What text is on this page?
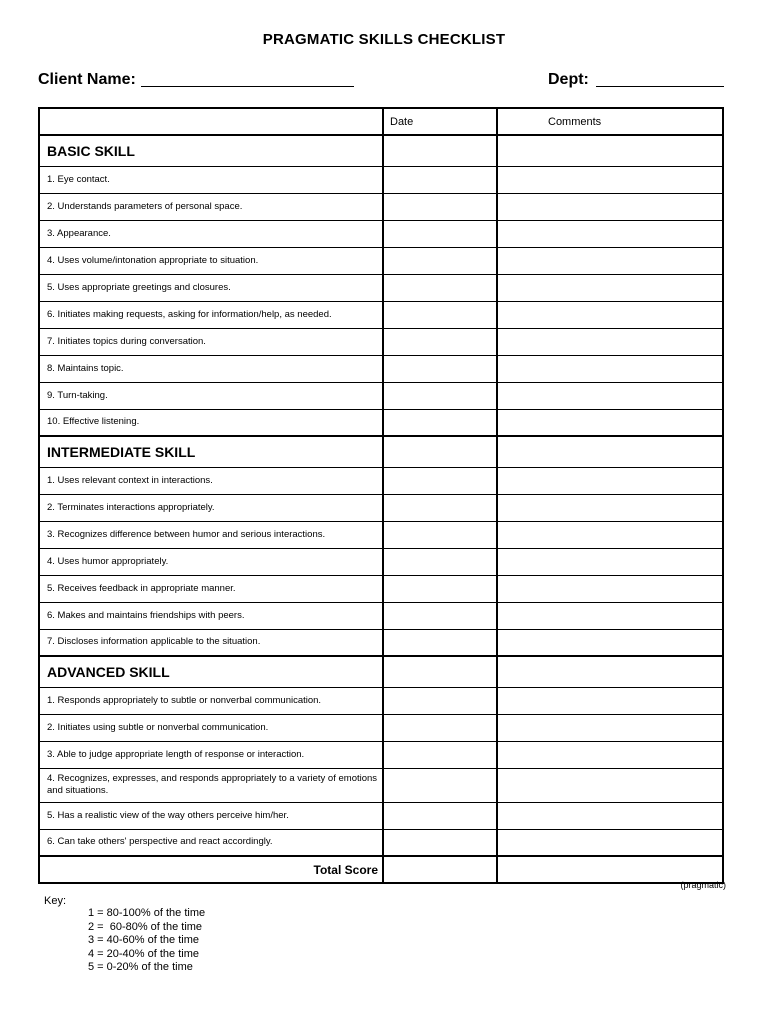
PRAGMATIC SKILLS CHECKLIST
Client Name:	Dept:
	Date	Comments
BASIC SKILL		
1. Eye contact.		
2. Understands parameters of personal space.		
3. Appearance.		
4. Uses volume/intonation appropriate to situation.		
5. Uses appropriate greetings and closures.		
6. Initiates making requests, asking for information/help, as needed.		
7. Initiates topics during conversation.		
8. Maintains topic.		
9. Turn-taking.		
10. Effective listening.		
INTERMEDIATE SKILL		
1. Uses relevant context in interactions.		
2. Terminates interactions appropriately.		
3. Recognizes difference between humor and serious interactions.		
4. Uses humor appropriately.		
5. Receives feedback in appropriate manner.		
6. Makes and maintains friendships with peers.		
7. Discloses information applicable to the situation.		
ADVANCED SKILL		
1. Responds appropriately to subtle or nonverbal communication.		
2. Initiates using subtle or nonverbal communication.		
3. Able to judge appropriate length of response or interaction.		
4. Recognizes, expresses, and responds appropriately to a variety of emotions and situations.		
5. Has a realistic view of the way others perceive him/her.		
6. Can take others' perspective and react accordingly.		
Total Score		
(pragmatic)
Key:
1 = 80-100% of the time
2 =  60-80% of the time
3 = 40-60% of the time
4 = 20-40% of the time
5 = 0-20% of the time
